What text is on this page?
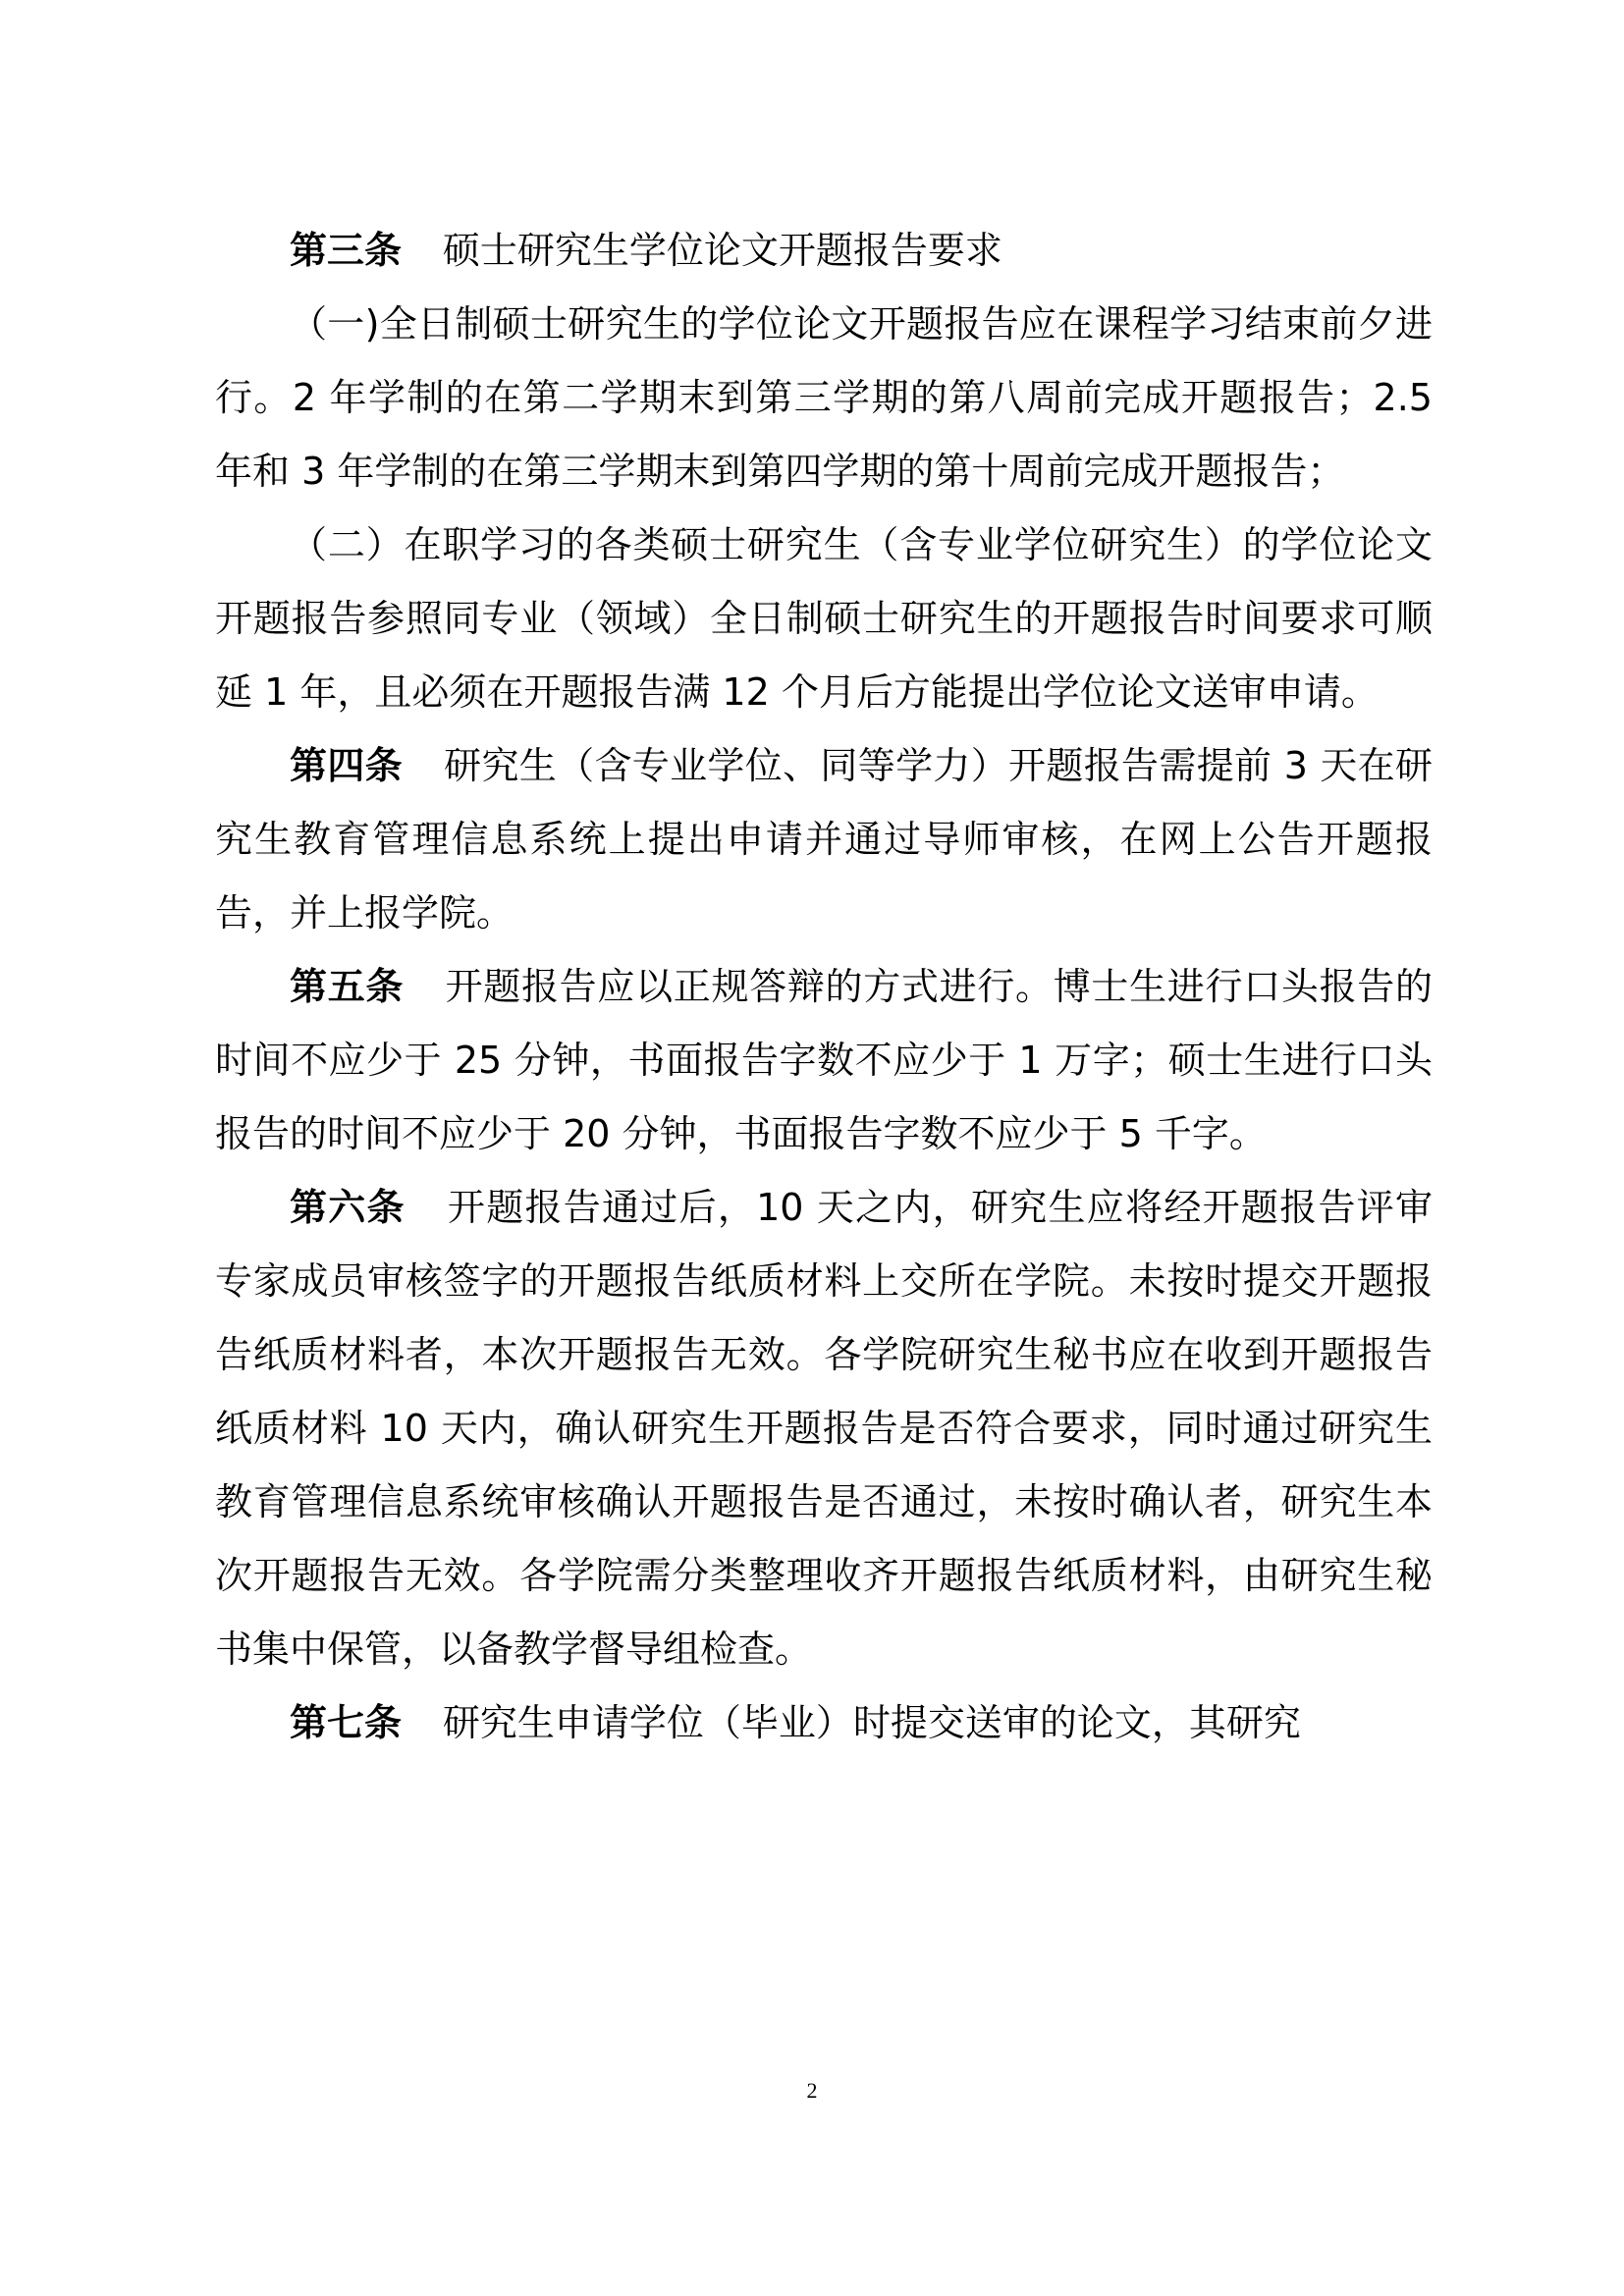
第三条 硕士研究生学位论文开题报告要求

（一)全日制硕士研究生的学位论文开题报告应在课程学习结束前夕进行。2 年学制的在第二学期末到第三学期的第八周前完成开题报告；2.5 年和 3 年学制的在第三学期末到第四学期的第十周前完成开题报告；

（二）在职学习的各类硕士研究生（含专业学位研究生）的学位论文开题报告参照同专业（领域）全日制硕士研究生的开题报告时间要求可顺延 1 年，且必须在开题报告满 12 个月后方能提出学位论文送审申请。

第四条 研究生（含专业学位、同等学力）开题报告需提前 3 天在研究生教育管理信息系统上提出申请并通过导师审核，在网上公告开题报告，并上报学院。

第五条 开题报告应以正规答辩的方式进行。博士生进行口头报告的时间不应少于 25 分钟，书面报告字数不应少于 1 万字；硕士生进行口头报告的时间不应少于 20 分钟，书面报告字数不应少于 5 千字。

第六条 开题报告通过后，10 天之内，研究生应将经开题报告评审专家成员审核签字的开题报告纸质材料上交所在学院。未按时提交开题报告纸质材料者，本次开题报告无效。各学院研究生秘书应在收到开题报告纸质材料 10 天内，确认研究生开题报告是否符合要求，同时通过研究生教育管理信息系统审核确认开题报告是否通过，未按时确认者，研究生本次开题报告无效。各学院需分类整理收齐开题报告纸质材料，由研究生秘书集中保管，以备教学督导组检查。

第七条 研究生申请学位（毕业）时提交送审的论文，其研究

2
